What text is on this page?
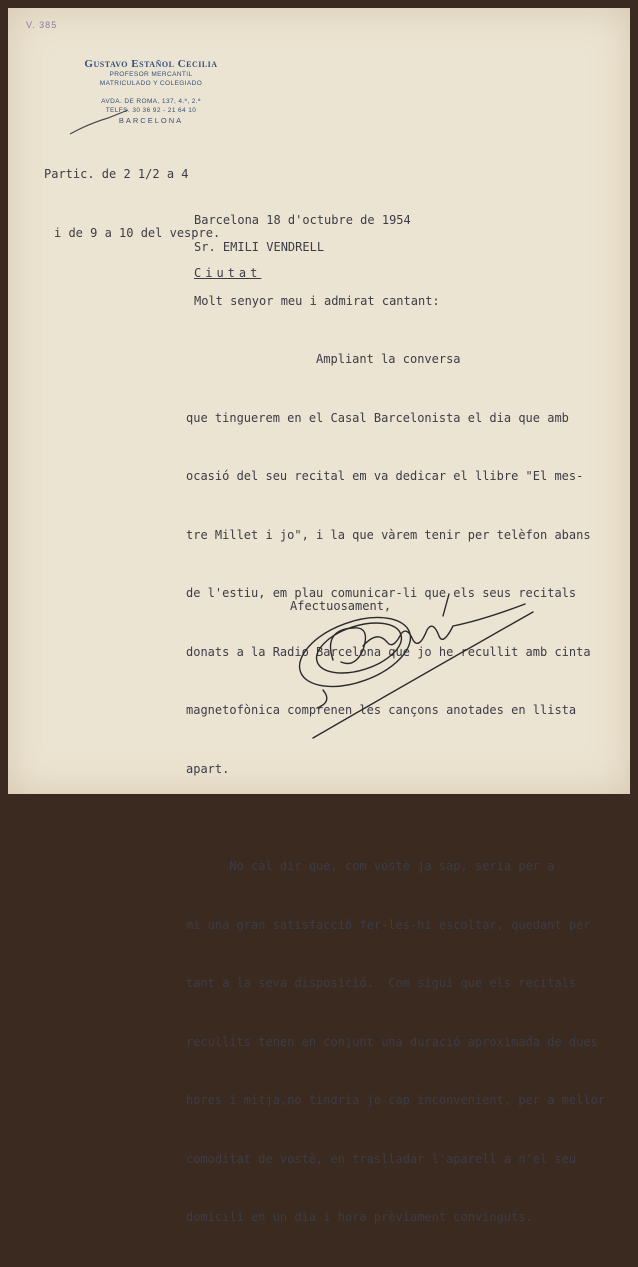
V. 385
Gustavo Estañol Cecilia
PROFESOR MERCANTIL
MATRICULADO Y COLEGIADO
AVDA. DE ROMA, 137, 4.º, 2.ª
TELFS. 30 36 92 - 21 64 10
BARCELONA

Partic. de 2 1/2 a 4

i de 9 a 10 del vespre.

Barcelona 18 d'octubre de 1954
Sr. EMILI VENDRELL
Ciutat
Molt senyor meu i admirat cantant:

Ampliant la conversa

que tinguerem en el Casal Barcelonista el dia que amb

ocasió del seu recital em va dedicar el llibre "El mes-

tre Millet i jo", i la que vàrem tenir per telèfon abans

de l'estiu, em plau comunicar-li que els seus recitals

donats a la Radio Barcelona que jo he recullit amb cinta

magnetofònica comprenen les cançons anotades en llista

apart.

No cal dir que, com vostè ja sap, seria per a

mi una gran satisfacció fer-les-hi escoltar, quedant per

tant a la seva disposició.  Com sigui que els recitals

recullits tenen en conjunt una duració aproximada de dues

hores i mitja,no tindria jo cap inconvenient, per a mellor

comoditat de vostè, en traslladar l'aparell a n'el seu

domicili en un dia i hora prèviament convinguts.

Afectuosament,
